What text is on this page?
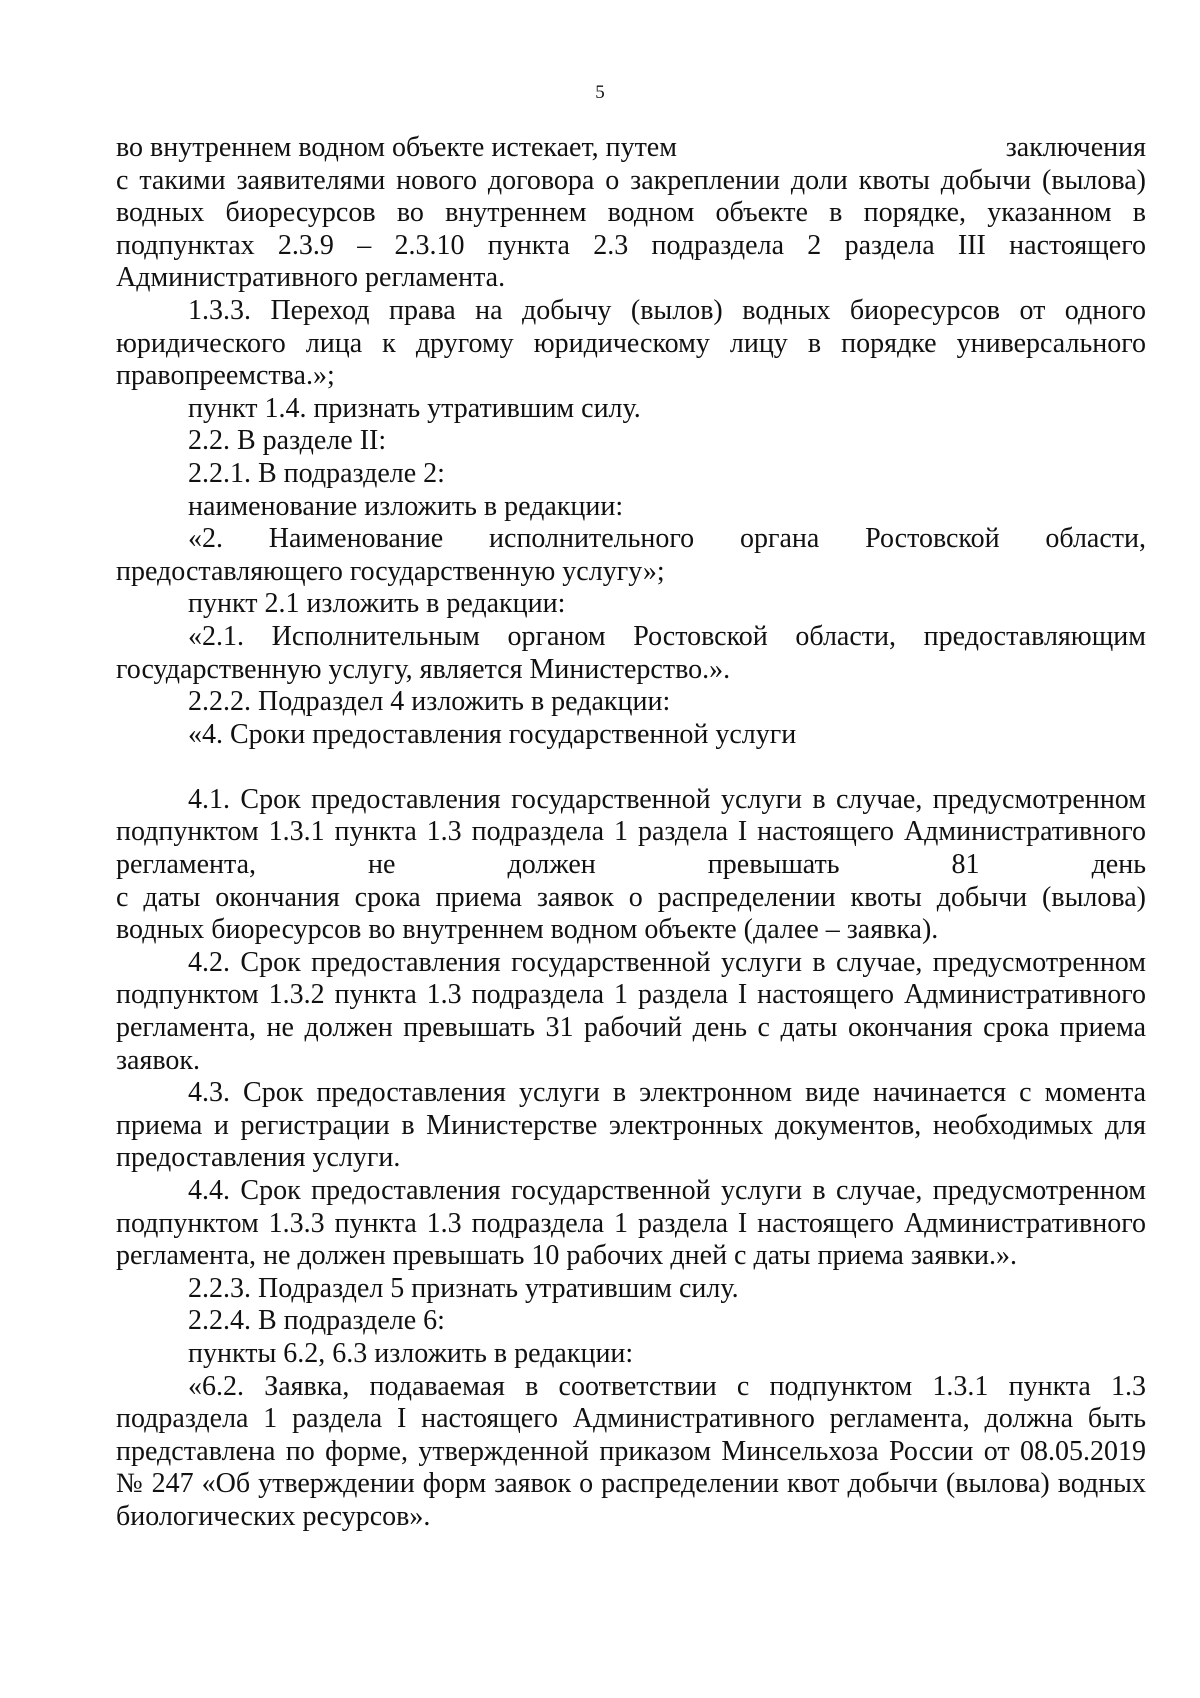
5
во внутреннем водном объекте истекает, путем	заключения

с такими заявителями нового договора о закреплении доли квоты добычи (вылова) водных биоресурсов во внутреннем водном объекте в порядке, указанном в подпунктах 2.3.9 – 2.3.10 пункта 2.3 подраздела 2 раздела III настоящего Административного регламента.

1.3.3. Переход права на добычу (вылов) водных биоресурсов от одного юридического лица к другому юридическому лицу в порядке универсального правопреемства.»;

пункт 1.4. признать утратившим силу.

2.2. В разделе II:

2.2.1. В подразделе 2:

наименование изложить в редакции:

«2. Наименование исполнительного органа Ростовской области,

предоставляющего государственную услугу»;

пункт 2.1 изложить в редакции:

«2.1. Исполнительным органом Ростовской области, предоставляющим государственную услугу, является Министерство.».

2.2.2. Подраздел 4 изложить в редакции:

«4. Сроки предоставления государственной услуги

4.1. Срок предоставления государственной услуги в случае, предусмотренном подпунктом 1.3.1 пункта 1.3 подраздела 1 раздела I настоящего Административного регламента, не должен превышать 81 день

с даты окончания срока приема заявок о распределении квоты добычи (вылова) водных биоресурсов во внутреннем водном объекте (далее – заявка).

4.2. Срок предоставления государственной услуги в случае, предусмотренном подпунктом 1.3.2 пункта 1.3 подраздела 1 раздела I настоящего Административного регламента, не должен превышать 31 рабочий день с даты окончания срока приема заявок.

4.3. Срок предоставления услуги в электронном виде начинается с момента приема и регистрации в Министерстве электронных документов, необходимых для предоставления услуги.

4.4. Срок предоставления государственной услуги в случае, предусмотренном подпунктом 1.3.3 пункта 1.3 подраздела 1 раздела I настоящего Административного регламента, не должен превышать 10 рабочих дней с даты приема заявки.».

2.2.3. Подраздел 5 признать утратившим силу.

2.2.4. В подразделе 6:

пункты 6.2, 6.3 изложить в редакции:

«6.2. Заявка, подаваемая в соответствии с подпунктом 1.3.1 пункта 1.3 подраздела 1 раздела I настоящего Административного регламента, должна быть представлена по форме, утвержденной приказом Минсельхоза России от 08.05.2019 № 247 «Об утверждении форм заявок о распределении квот добычи (вылова) водных биологических ресурсов».
